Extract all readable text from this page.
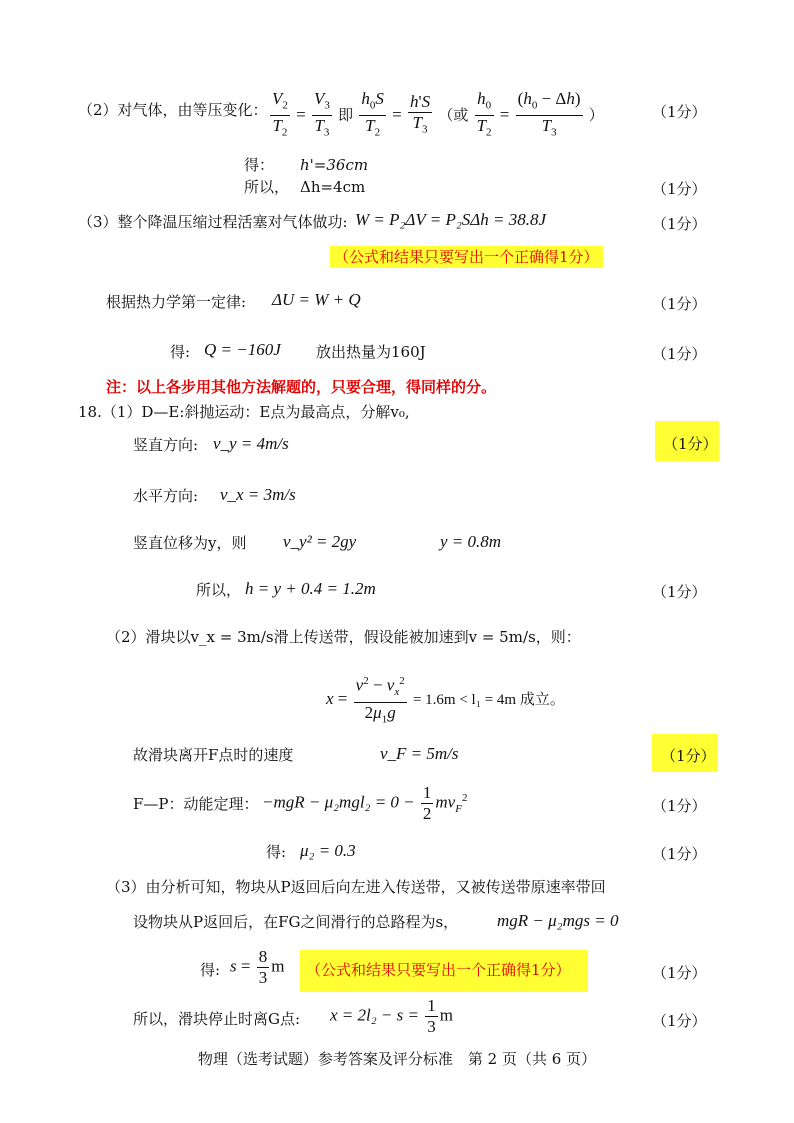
（2）对气体，由等压变化： $\frac{V_2}{T_2} = \frac{V_3}{T_3}$ 即 $\frac{h_0S}{T_2} = \frac{h'S}{T_3}$ （或 $\frac{h_0}{T_2} = \frac{(h_0 - \Delta h)}{T_3}$ ）	（1分）
得： h'=36cm
所以， Δh=4cm	（1分）
（3）整个降温压缩过程活塞对气体做功: W = P₂ΔV = P₂SΔh = 38.8J	（1分）
（公式和结果只要写出一个正确得1分）
根据热力学第一定律: ΔU = W + Q	（1分）
得: Q = −160J 放出热量为160J	（1分）
注：以上各步用其他方法解题的，只要合理，得同样的分。
18.（1）D—E:斜抛运动：E点为最高点，分解v₀,
竖直方向: v_y = 4m/s	（1分）
水平方向: v_x = 3m/s
竖直位移为y，则 v_y² = 2gy	y = 0.8m
所以， h = y + 0.4 = 1.2m	（1分）
（2）滑块以v_x = 3m/s滑上传送带，假设能被加速到v = 5m/s，则：
$x = \frac{v^2 - v_x^2}{2\mu_1g} = 1.6m < l_1 = 4m$ 成立。
故滑块离开F点时的速度	v_F = 5m/s	（1分）
F—P：动能定理： $-mgR - \mu_2mgl_2 = 0 - \frac{1}{2} mv_F^2$	（1分）
得: μ₂ = 0.3	（1分）
（3）由分析可知，物块从P返回后向左进入传送带，又被传送带原速率带回
设物块从P返回后，在FG之间滑行的总路程为s， mgR − μ₂mgs = 0
得: $s = \frac{8}{3}$ m （公式和结果只要写出一个正确得1分）	（1分）
所以，滑块停止时离G点: $x = 2l_2 - s = \frac{1}{3}$ m	（1分）
物理（选考试题）参考答案及评分标准　第 2 页（共 6 页）
